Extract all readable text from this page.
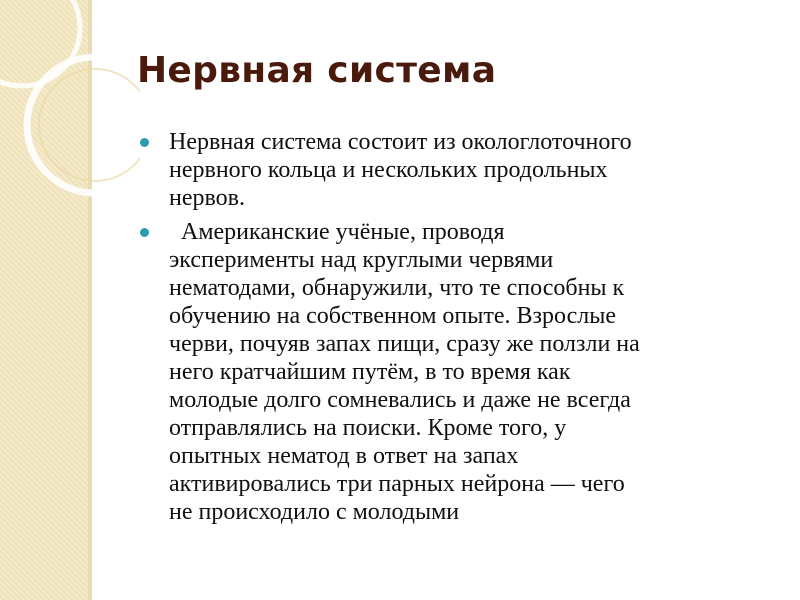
Нервная система
Нервная система состоит из окологлоточного
нервного кольца и нескольких продольных
нервов.
Американские учёные, проводя
эксперименты над круглыми червями
нематодами, обнаружили, что те способны к
обучению на собственном опыте. Взрослые
черви, почуяв запах пищи, сразу же ползли на
него кратчайшим путём, в то время как
молодые долго сомневались и даже не всегда
отправлялись на поиски. Кроме того, у
опытных нематод в ответ на запах
активировались три парных нейрона — чего
не происходило с молодыми
